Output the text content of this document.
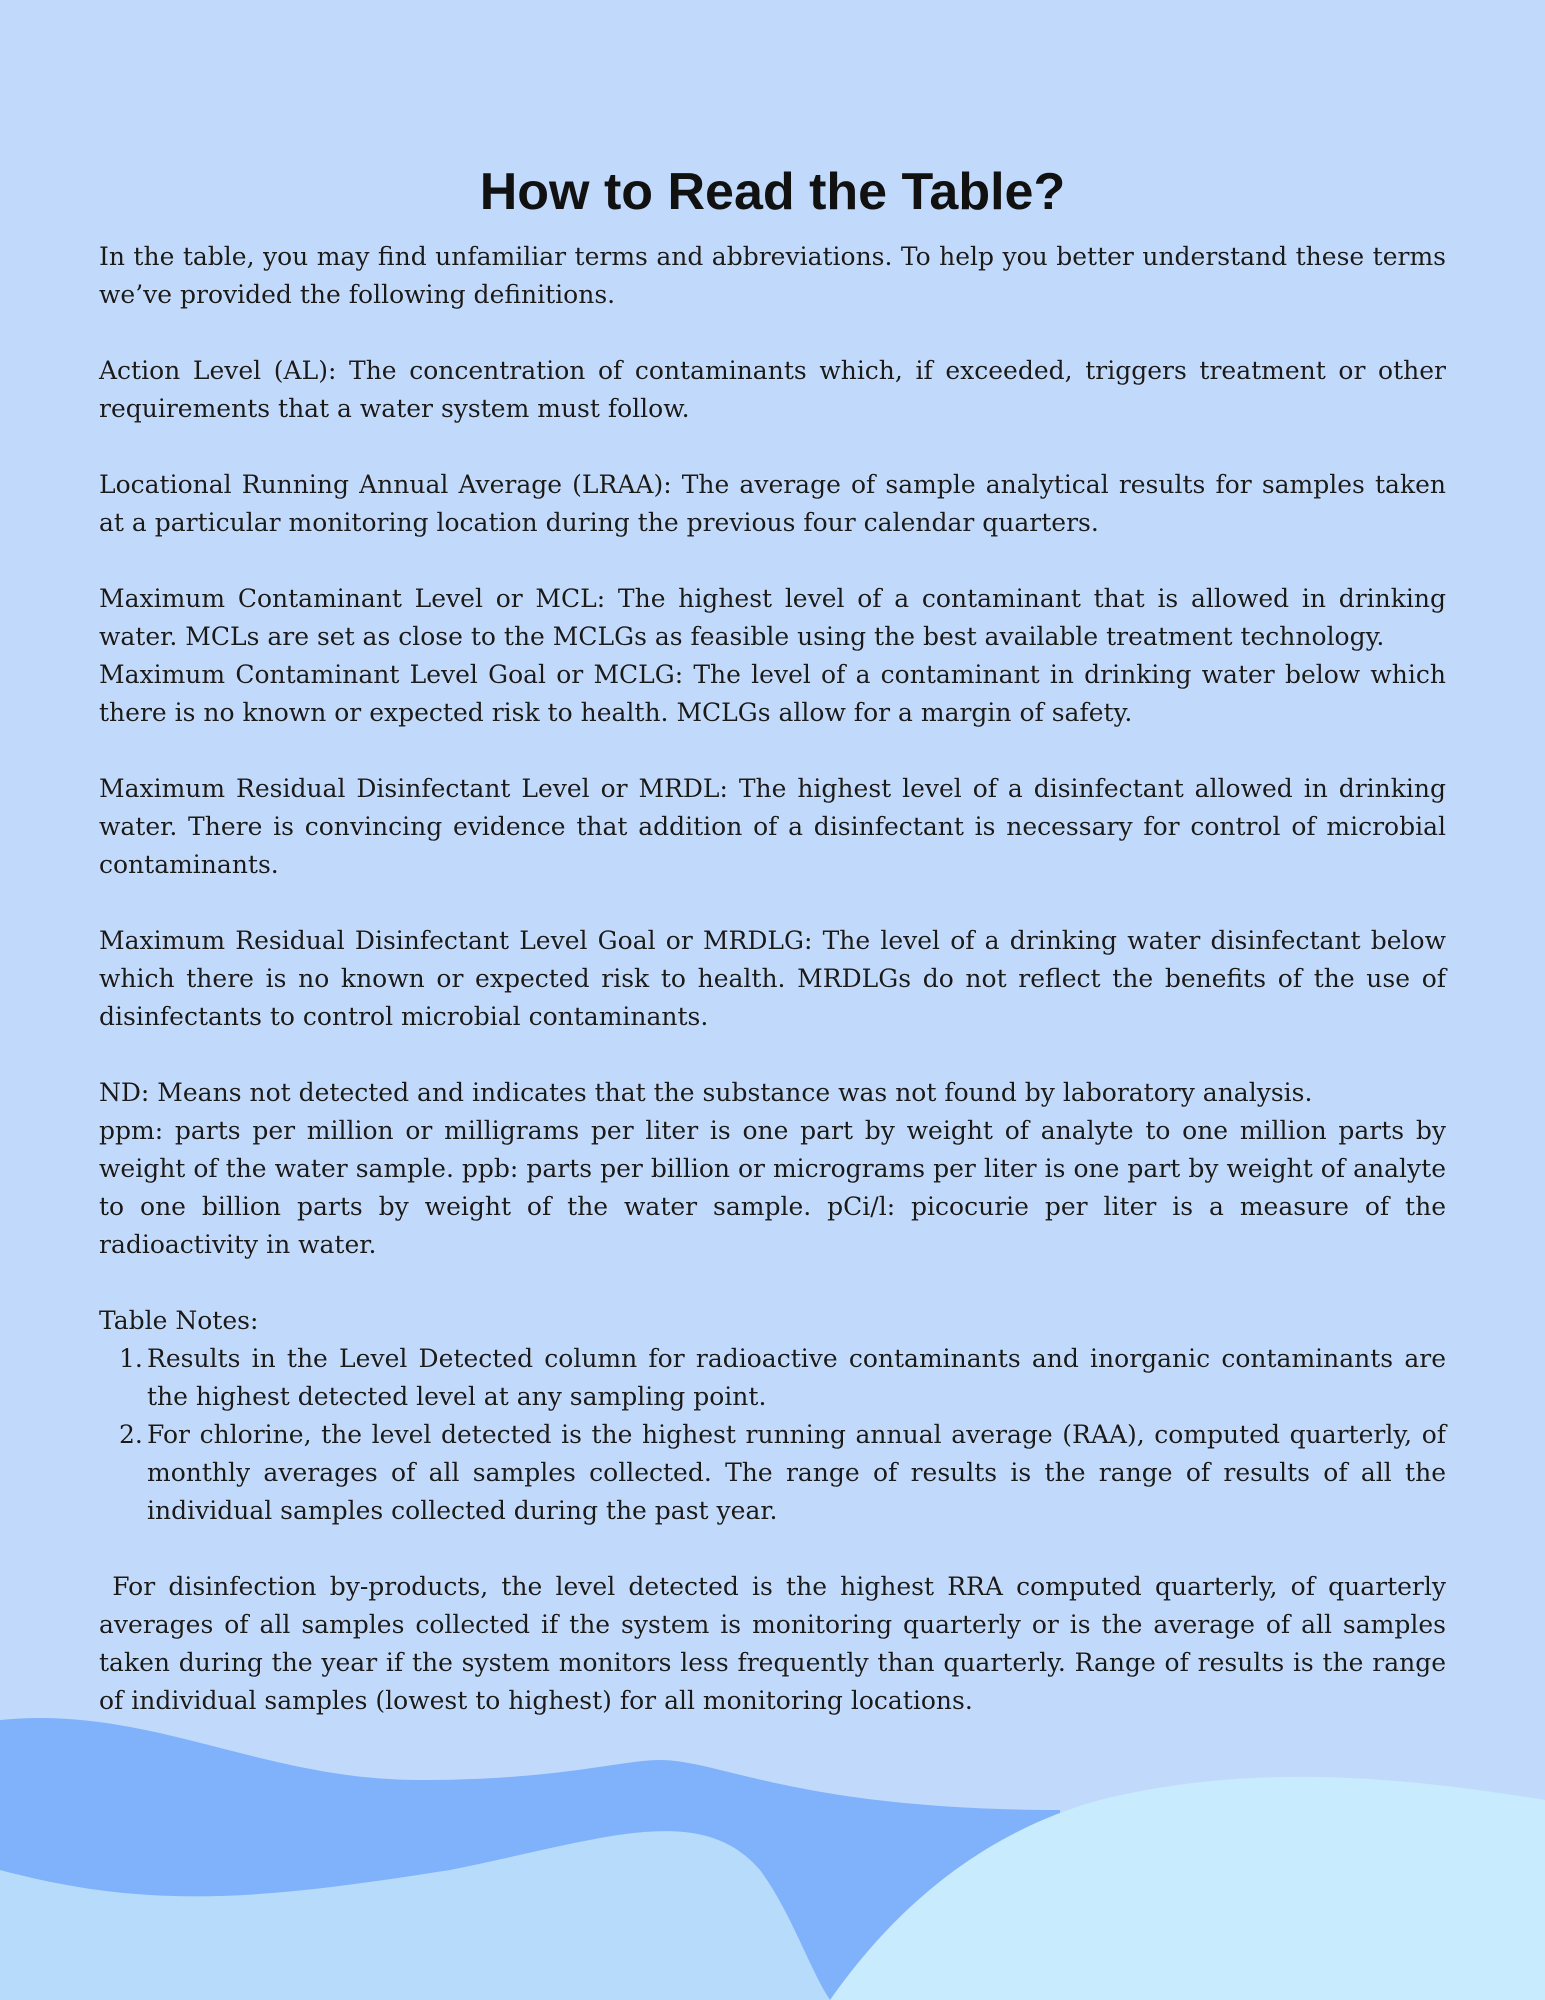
How to Read the Table?

In the table, you may find unfamiliar terms and abbreviations. To help you better understand these terms we’ve provided the following definitions.

Action Level (AL): The concentration of contaminants which, if exceeded, triggers treatment or other requirements that a water system must follow.

Locational Running Annual Average (LRAA): The average of sample analytical results for samples taken at a particular monitoring location during the previous four calendar quarters.

Maximum Contaminant Level or MCL: The highest level of a contaminant that is allowed in drinking water. MCLs are set as close to the MCLGs as feasible using the best available treatment technology.

Maximum Contaminant Level Goal or MCLG: The level of a contaminant in drinking water below which there is no known or expected risk to health. MCLGs allow for a margin of safety.

Maximum Residual Disinfectant Level or MRDL: The highest level of a disinfectant allowed in drinking water. There is convincing evidence that addition of a disinfectant is necessary for control of microbial contaminants.

Maximum Residual Disinfectant Level Goal or MRDLG: The level of a drinking water disinfectant below which there is no known or expected risk to health. MRDLGs do not reflect the benefits of the use of disinfectants to control microbial contaminants.

ND: Means not detected and indicates that the substance was not found by laboratory analysis.

ppm: parts per million or milligrams per liter is one part by weight of analyte to one million parts by weight of the water sample. ppb: parts per billion or micrograms per liter is one part by weight of analyte to one billion parts by weight of the water sample. pCi/l: picocurie per liter is a measure of the radioactivity in water.

Table Notes:

1. Results in the Level Detected column for radioactive contaminants and inorganic contaminants are the highest detected level at any sampling point.
2. For chlorine, the level detected is the highest running annual average (RAA), computed quarterly, of monthly averages of all samples collected. The range of results is the range of results of all the individual samples collected during the past year.

For disinfection by-products, the level detected is the highest RRA computed quarterly, of quarterly averages of all samples collected if the system is monitoring quarterly or is the average of all samples taken during the year if the system monitors less frequently than quarterly. Range of results is the range of individual samples (lowest to highest) for all monitoring locations.
